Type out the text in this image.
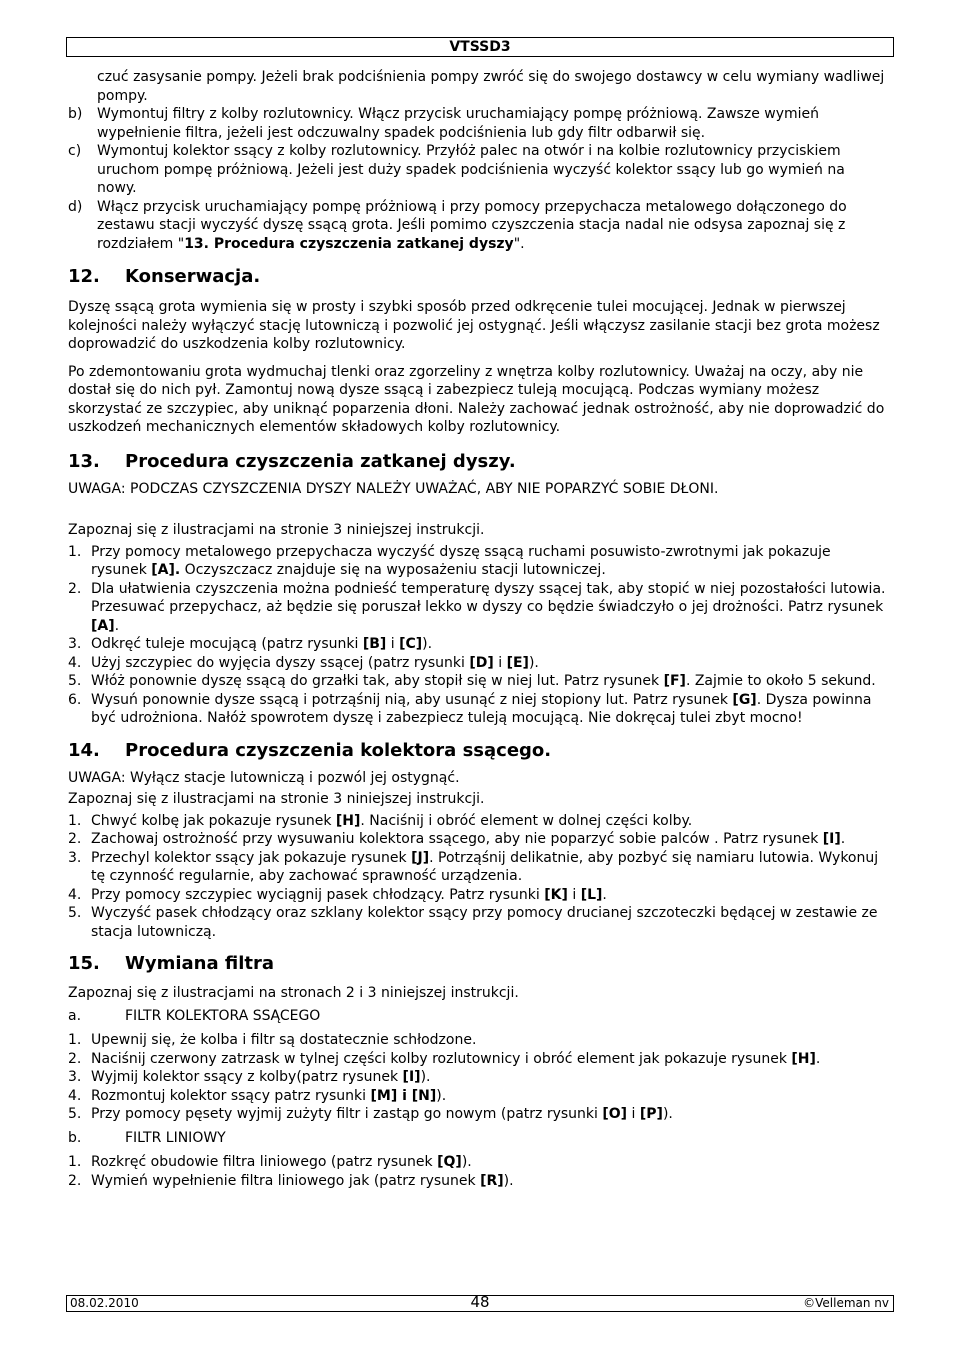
VTSSD3
czuć zasysanie pompy. Jeżeli brak podciśnienia pompy zwróć się do swojego dostawcy w celu wymiany wadliwej pompy.
b)	Wymontuj filtry z kolby rozlutownicy. Włącz przycisk uruchamiający pompę próżniową. Zawsze wymień wypełnienie filtra, jeżeli jest odczuwalny spadek podciśnienia lub gdy filtr odbarwił się.
c)	Wymontuj kolektor ssący z kolby rozlutownicy. Przyłóż palec na otwór i na kolbie rozlutownicy przyciskiem uruchom pompę próżniową. Jeżeli jest duży spadek podciśnienia wyczyść kolektor ssący lub go wymień na nowy.
d)	Włącz przycisk uruchamiający pompę próżniową i przy pomocy przepychacza metalowego dołączonego do zestawu stacji wyczyść dyszę ssącą grota. Jeśli pomimo czyszczenia stacja nadal nie odsysa zapoznaj się z rozdziałem "13. Procedura czyszczenia zatkanej dyszy".
12.	Konserwacja.

Dyszę ssącą grota wymienia się w prosty i szybki sposób przed odkręcenie tulei mocującej. Jednak w pierwszej kolejności należy wyłączyć stację lutowniczą i pozwolić jej ostygnąć. Jeśli włączysz zasilanie stacji bez grota możesz doprowadzić do uszkodzenia kolby rozlutownicy.

Po zdemontowaniu grota wydmuchaj tlenki oraz zgorzeliny z wnętrza kolby rozlutownicy. Uważaj na oczy, aby nie dostał się do nich pył. Zamontuj nową dysze ssącą i zabezpiecz tuleją mocującą. Podczas wymiany możesz skorzystać ze szczypiec, aby uniknąć poparzenia dłoni. Należy zachować jednak ostrożność, aby nie doprowadzić do uszkodzeń mechanicznych elementów składowych kolby rozlutownicy.

13.	Procedura czyszczenia zatkanej dyszy.

UWAGA: PODCZAS CZYSZCZENIA DYSZY NALEŻY UWAŻAĆ, ABY NIE POPARZYĆ SOBIE DŁONI.

Zapoznaj się z ilustracjami na stronie 3 niniejszej instrukcji.

1. Przy pomocy metalowego przepychacza wyczyść dyszę ssącą ruchami posuwisto-zwrotnymi jak pokazuje rysunek [A]. Oczyszczacz znajduje się na wyposażeniu stacji lutowniczej.
2. Dla ułatwienia czyszczenia można podnieść temperaturę dyszy ssącej tak, aby stopić w niej pozostałości lutowia. Przesuwać przepychacz, aż będzie się poruszał lekko w dyszy co będzie świadczyło o jej drożności. Patrz rysunek [A].
3. Odkręć tuleje mocującą (patrz rysunki [B] i [C]).
4. Użyj szczypiec do wyjęcia dyszy ssącej (patrz rysunki [D] i [E]).
5. Włóż ponownie dyszę ssącą do grzałki tak, aby stopił się w niej lut. Patrz rysunek [F]. Zajmie to około 5 sekund.
6. Wysuń ponownie dysze ssącą i potrząśnij nią, aby usunąć z niej stopiony lut. Patrz rysunek [G]. Dysza powinna być udrożniona. Nałóż spowrotem dyszę i zabezpiecz tuleją mocującą. Nie dokręcaj tulei zbyt mocno!
14.	Procedura czyszczenia kolektora ssącego.

UWAGA: Wyłącz stacje lutowniczą i pozwól jej ostygnąć.

Zapoznaj się z ilustracjami na stronie 3 niniejszej instrukcji.

1. Chwyć kolbę jak pokazuje rysunek [H]. Naciśnij i obróć element w dolnej części kolby.
2. Zachowaj ostrożność przy wysuwaniu kolektora ssącego, aby nie poparzyć sobie palców . Patrz rysunek [I].
3. Przechyl kolektor ssący jak pokazuje rysunek [J]. Potrząśnij delikatnie, aby pozbyć się namiaru lutowia. Wykonuj tę czynność regularnie, aby zachować sprawność urządzenia.
4. Przy pomocy szczypiec wyciągnij pasek chłodzący. Patrz rysunki [K] i [L].
5. Wyczyść pasek chłodzący oraz szklany kolektor ssący przy pomocy drucianej szczoteczki będącej w zestawie ze stacja lutowniczą.
15.	Wymiana filtra

Zapoznaj się z ilustracjami na stronach 2 i 3 niniejszej instrukcji.

a.	FILTR KOLEKTORA SSĄCEGO
1. Upewnij się, że kolba i filtr są dostatecznie schłodzone.
2. Naciśnij czerwony zatrzask w tylnej części kolby rozlutownicy i obróć element jak pokazuje rysunek [H].
3. Wyjmij kolektor ssący z kolby(patrz rysunek [I]).
4. Rozmontuj kolektor ssący patrz rysunki [M] i [N]).
5. Przy pomocy pęsety wyjmij zużyty filtr i zastąp go nowym (patrz rysunki [O] i [P]).
b.	FILTR LINIOWY
1. Rozkręć obudowie filtra liniowego (patrz rysunek [Q]).
2. Wymień wypełnienie filtra liniowego jak (patrz rysunek [R]).
08.02.2010	48	©Velleman nv
